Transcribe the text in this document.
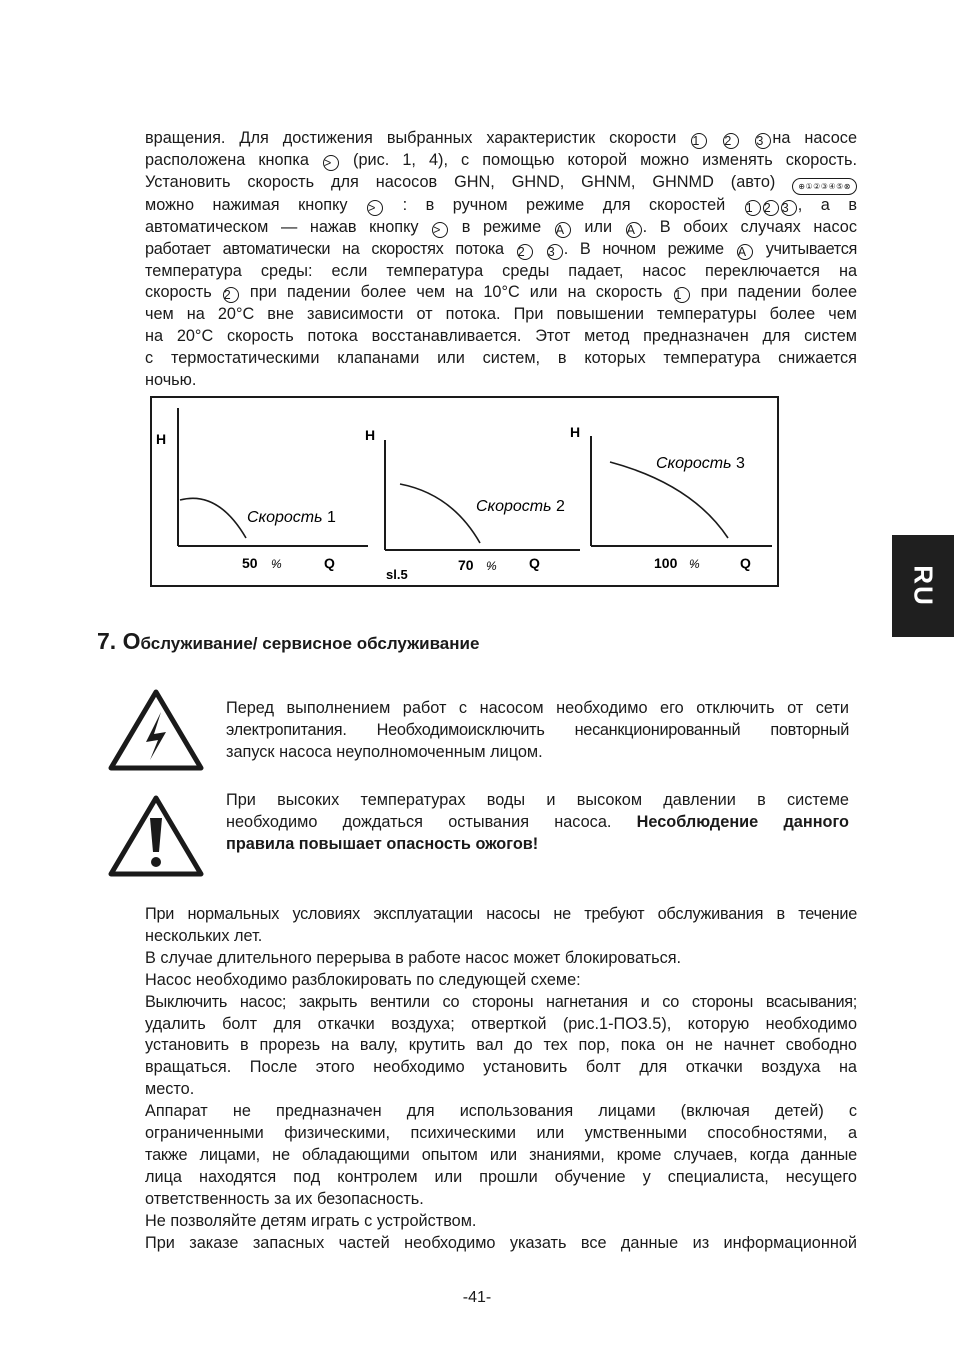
вращения. Для достижения выбранных характеристик скорости 1 2 3 на насосе
расположена кнопка > (рис. 1, 4), с помощью которой можно изменять скорость.
Установить скорость для насосов GHN, GHND, GHNM, GHNMD (авто) ⊕①②③④⑤⊗
можно нажимая кнопку > : в ручном режиме для скоростей 1 2 3 , а в
автоматическом — нажав кнопку > в режиме A или A . В обоих случаях насос
работает автоматически на скоростях потока 2 3 . В ночном режиме A учитывается
температура среды: если температура среды падает, насос переключается на
скорость 2 при падении более чем на 10°С или на скорость 1 при падении более
чем на 20°С вне зависимости от потока. При повышении температуры более чем
на 20°С скорость потока восстанавливается. Этот метод предназначен для систем
с термостатическими клапанами или систем, в которых температура снижается
ночью.
H
Скорость 1
50 %	Q
H
Скорость 2
sl.5
70 % Q
H
Скорость 3
100 %	Q
RU
7. Обслуживание/ сервисное обслуживание
Перед выполнением работ с насосом необходимо его отключить от сети
электропитания. Необходимоисключить несанкционированный повторный
запуск насоса неуполномоченным лицом.
При высоких температурах воды и высоком давлении в системе
необходимо дождаться остывания насоса. Несоблюдение данного
правила повышает опасность ожогов!
При нормальных условиях эксплуатации насосы не требуют обслуживания в течение
нескольких лет.
В случае длительного перерыва в работе насос может блокироваться.
Насос необходимо разблокировать по следующей схеме:
Выключить насос; закрыть вентили со стороны нагнетания и со стороны всасывания;
удалить болт для откачки воздуха; отверткой (рис.1-ПОЗ.5), которую необходимо
установить в прорезь на валу, крутить вал до тех пор, пока он не начнет свободно
вращаться. После этого необходимо установить болт для откачки воздуха на
место.
Аппарат не предназначен для использования лицами (включая детей) с
ограниченными физическими, психическими или умственными способностями, а
также лицами, не обладающими опытом или знаниями, кроме случаев, когда данные
лица находятся под контролем или прошли обучение у специалиста, несущего
ответственность за их безопасность.
Не позволяйте детям играть с устройством.
При заказе запасных частей необходимо указать все данные из информационной
-41-
